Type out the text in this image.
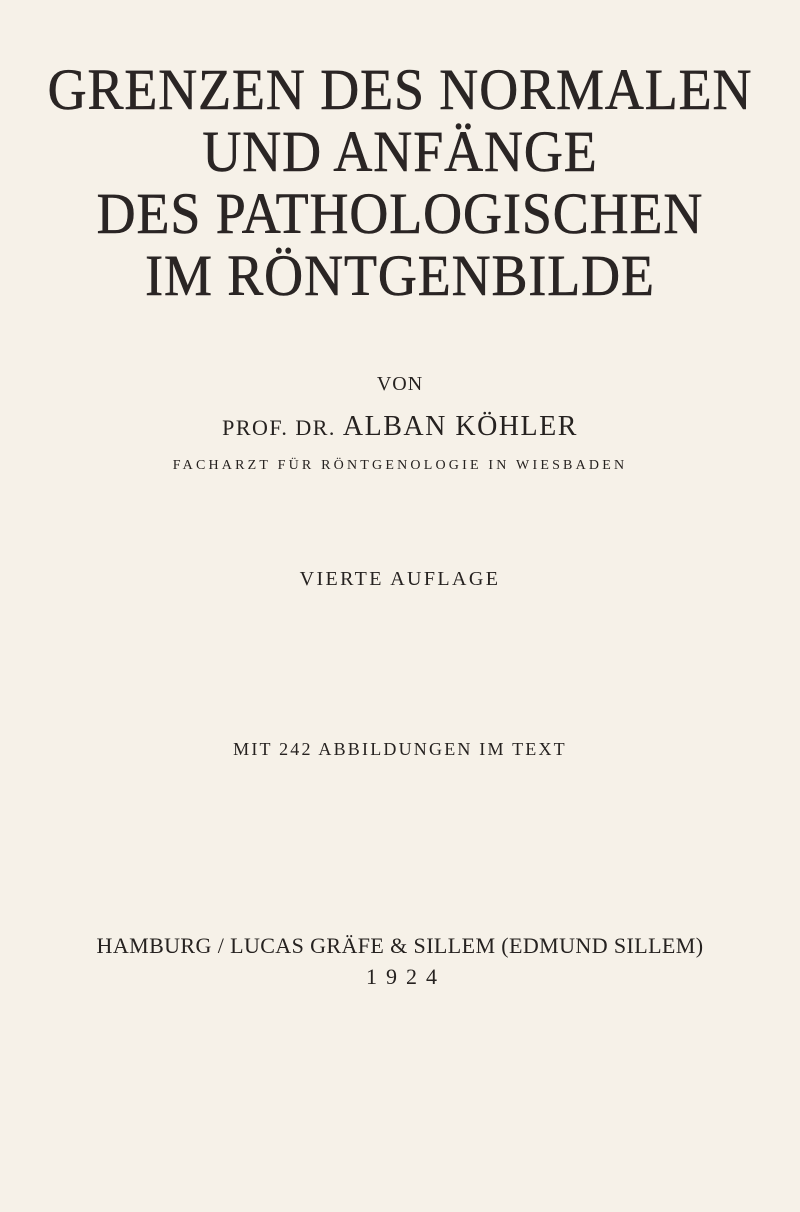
GRENZEN DES NORMALEN
UND ANFÄNGE
DES PATHOLOGISCHEN
IM RÖNTGENBILDE
VON
PROF. DR. ALBAN KÖHLER
FACHARZT FÜR RÖNTGENOLOGIE IN WIESBADEN
VIERTE AUFLAGE
MIT 242 ABBILDUNGEN IM TEXT
HAMBURG / LUCAS GRÄFE & SILLEM (EDMUND SILLEM)
1924
